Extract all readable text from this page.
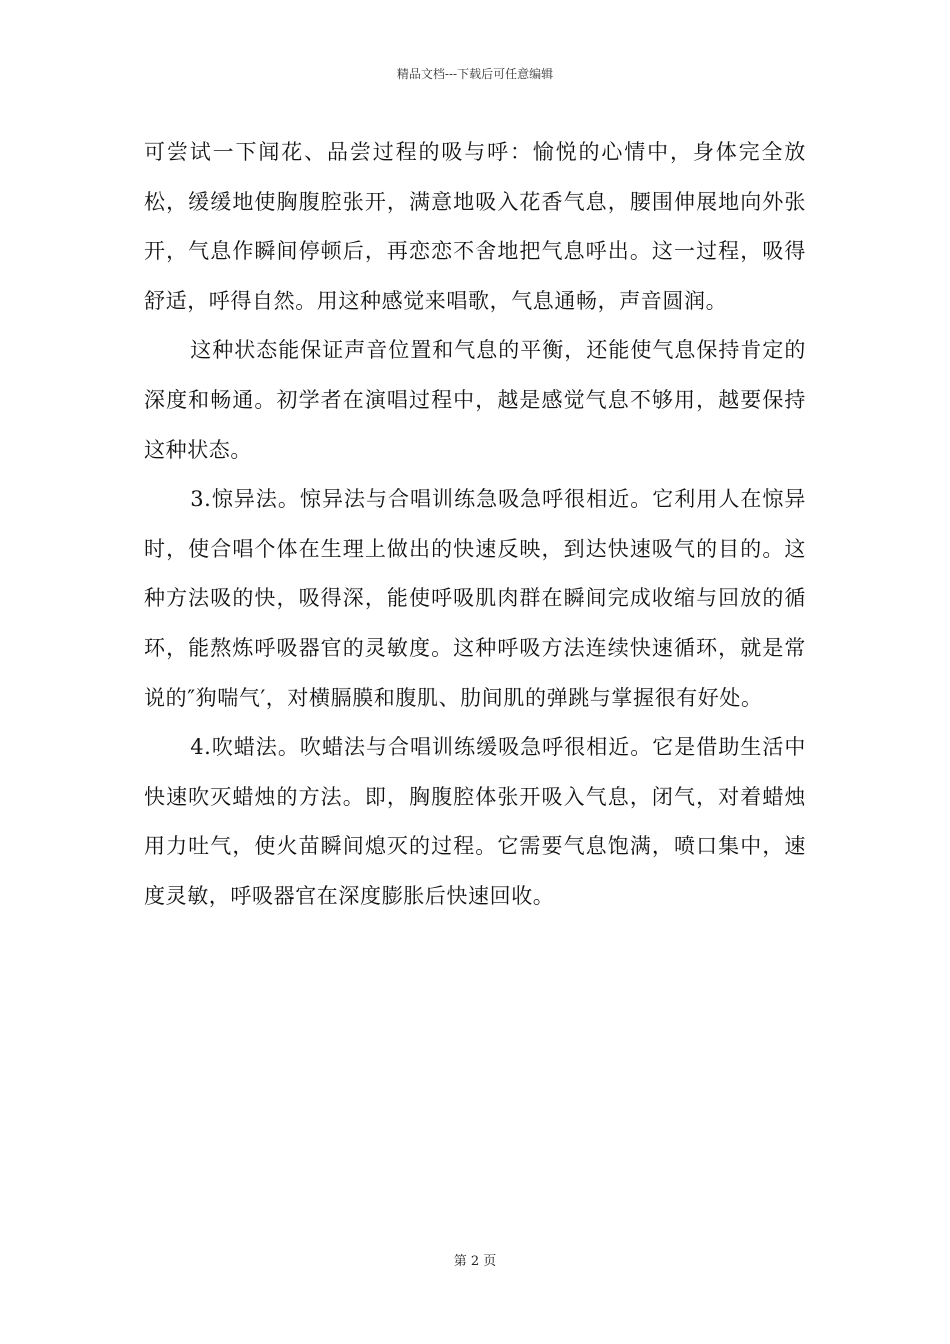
精品文档---下载后可任意编辑

可尝试一下闻花、品尝过程的吸与呼：愉悦的心情中，身体完全放松，缓缓地使胸腹腔张开，满意地吸入花香气息，腰围伸展地向外张开，气息作瞬间停顿后，再恋恋不舍地把气息呼出。这一过程，吸得舒适，呼得自然。用这种感觉来唱歌，气息通畅，声音圆润。

这种状态能保证声音位置和气息的平衡，还能使气息保持肯定的深度和畅通。初学者在演唱过程中，越是感觉气息不够用，越要保持这种状态。

3.惊异法。惊异法与合唱训练急吸急呼很相近。它利用人在惊异时，使合唱个体在生理上做出的快速反映，到达快速吸气的目的。这种方法吸的快，吸得深，能使呼吸肌肉群在瞬间完成收缩与回放的循环，能熬炼呼吸器官的灵敏度。这种呼吸方法连续快速循环，就是常说的″狗喘气′，对横膈膜和腹肌、肋间肌的弹跳与掌握很有好处。

4.吹蜡法。吹蜡法与合唱训练缓吸急呼很相近。它是借助生活中快速吹灭蜡烛的方法。即，胸腹腔体张开吸入气息，闭气，对着蜡烛用力吐气，使火苗瞬间熄灭的过程。它需要气息饱满，喷口集中，速度灵敏，呼吸器官在深度膨胀后快速回收。

第 2 页
